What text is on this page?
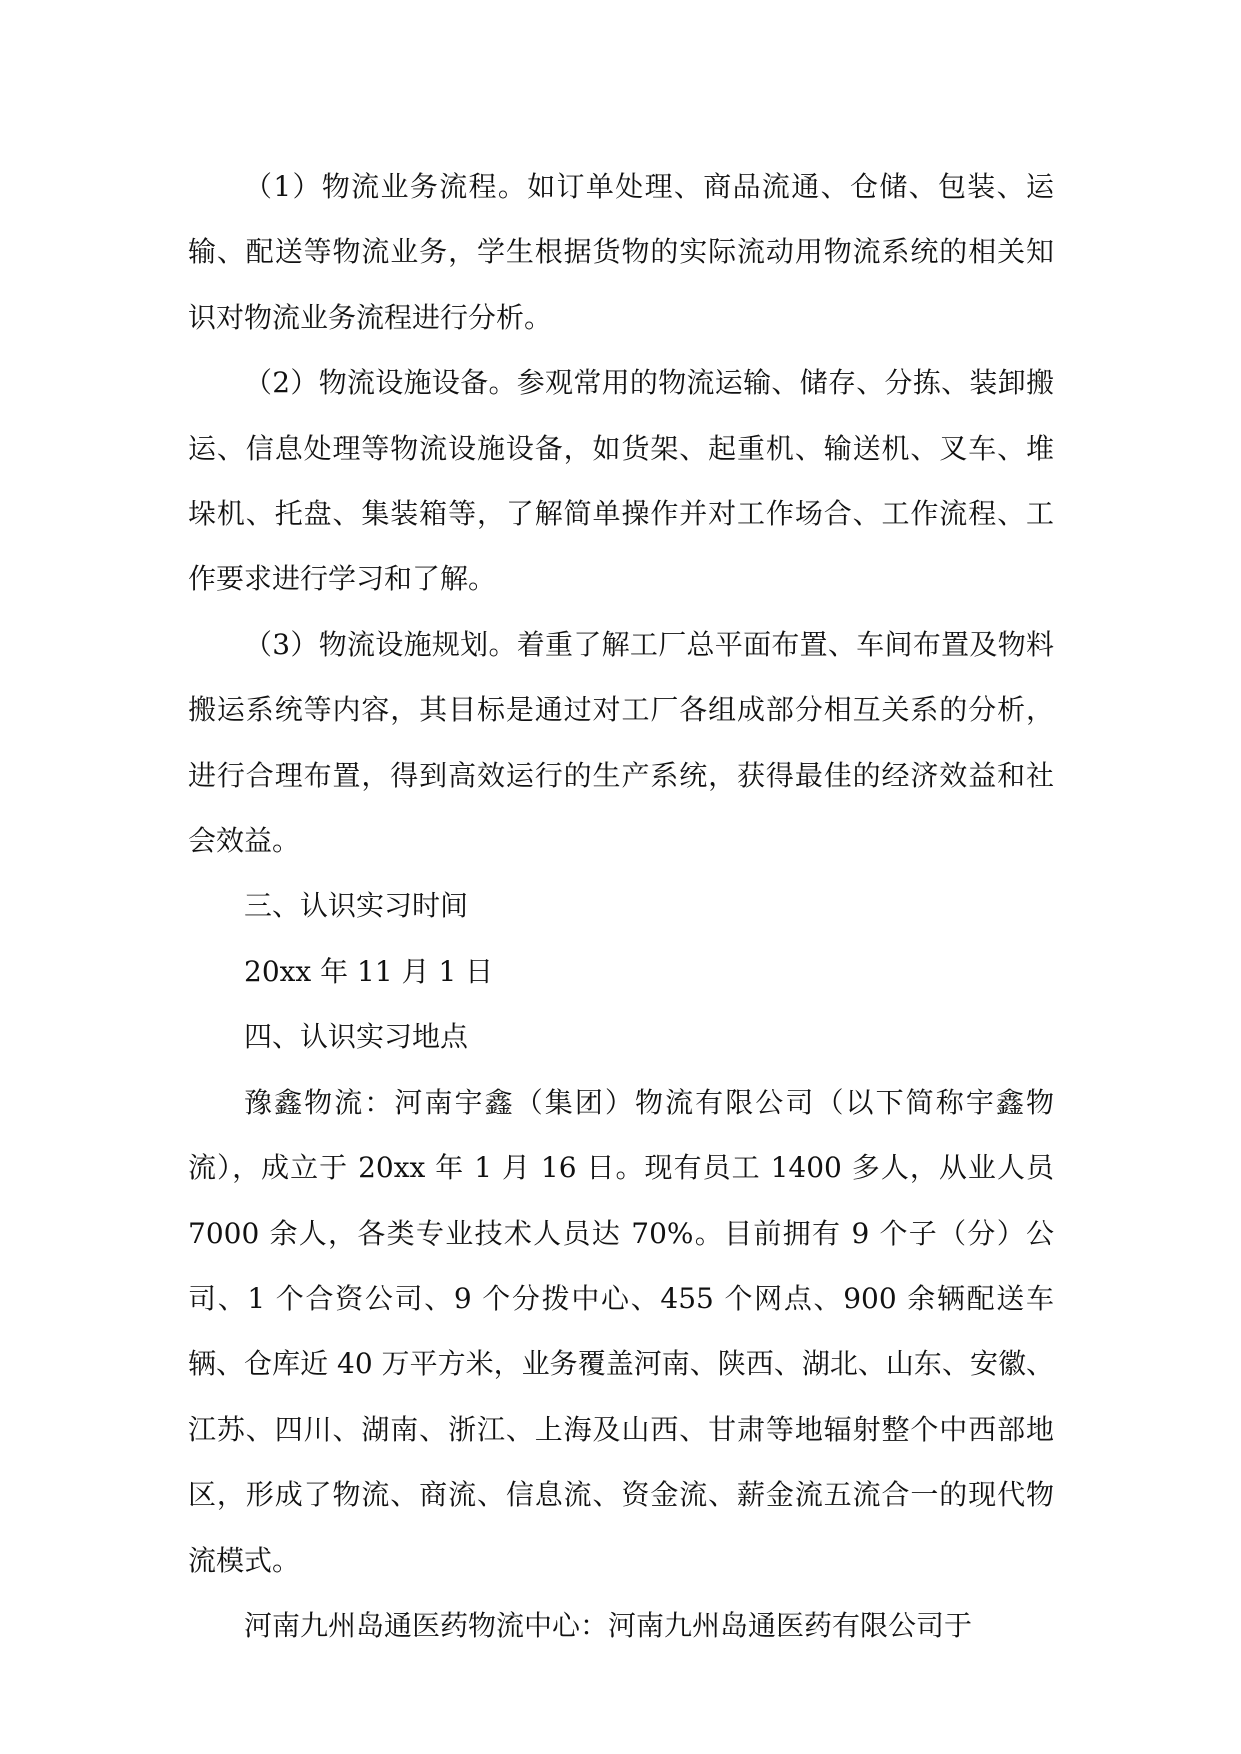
（1）物流业务流程。如订单处理、商品流通、仓储、包装、运输、配送等物流业务，学生根据货物的实际流动用物流系统的相关知识对物流业务流程进行分析。

（2）物流设施设备。参观常用的物流运输、储存、分拣、装卸搬运、信息处理等物流设施设备，如货架、起重机、输送机、叉车、堆垛机、托盘、集装箱等，了解简单操作并对工作场合、工作流程、工作要求进行学习和了解。

（3）物流设施规划。着重了解工厂总平面布置、车间布置及物料搬运系统等内容，其目标是通过对工厂各组成部分相互关系的分析，进行合理布置，得到高效运行的生产系统，获得最佳的经济效益和社会效益。

三、认识实习时间

20xx 年 11 月 1 日

四、认识实习地点

豫鑫物流：河南宇鑫（集团）物流有限公司（以下简称宇鑫物流），成立于 20xx 年 1 月 16 日。现有员工 1400 多人，从业人员 7000 余人，各类专业技术人员达 70%。目前拥有 9 个子（分）公司、1 个合资公司、9 个分拨中心、455 个网点、900 余辆配送车辆、仓库近 40 万平方米，业务覆盖河南、陕西、湖北、山东、安徽、江苏、四川、湖南、浙江、上海及山西、甘肃等地辐射整个中西部地区，形成了物流、商流、信息流、资金流、薪金流五流合一的现代物流模式。

河南九州岛通医药物流中心：河南九州岛通医药有限公司于
